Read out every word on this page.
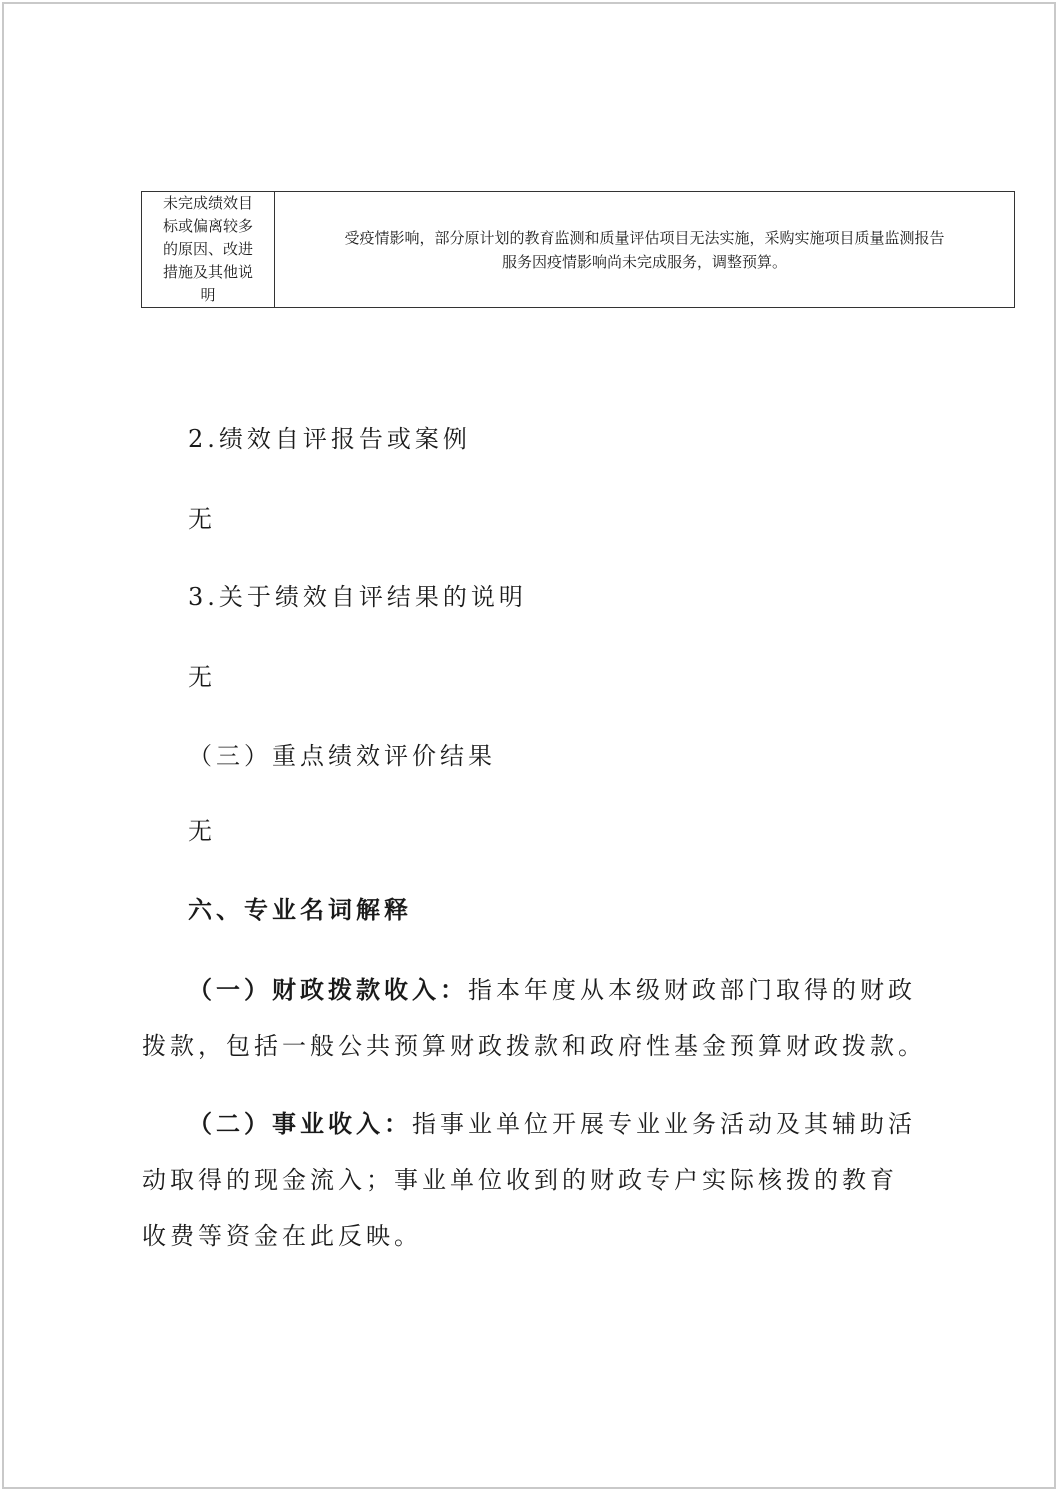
未完成绩效目
标或偏离较多
的原因、改进
措施及其他说
明

受疫情影响，部分原计划的教育监测和质量评估项目无法实施，采购实施项目质量监测报告
服务因疫情影响尚未完成服务，调整预算。
2.绩效自评报告或案例
无
3.关于绩效自评结果的说明
无
（三）重点绩效评价结果
无
六、专业名词解释
（一）财政拨款收入：指本年度从本级财政部门取得的财政
拨款，包括一般公共预算财政拨款和政府性基金预算财政拨款。
（二）事业收入：指事业单位开展专业业务活动及其辅助活
动取得的现金流入；事业单位收到的财政专户实际核拨的教育
收费等资金在此反映。
